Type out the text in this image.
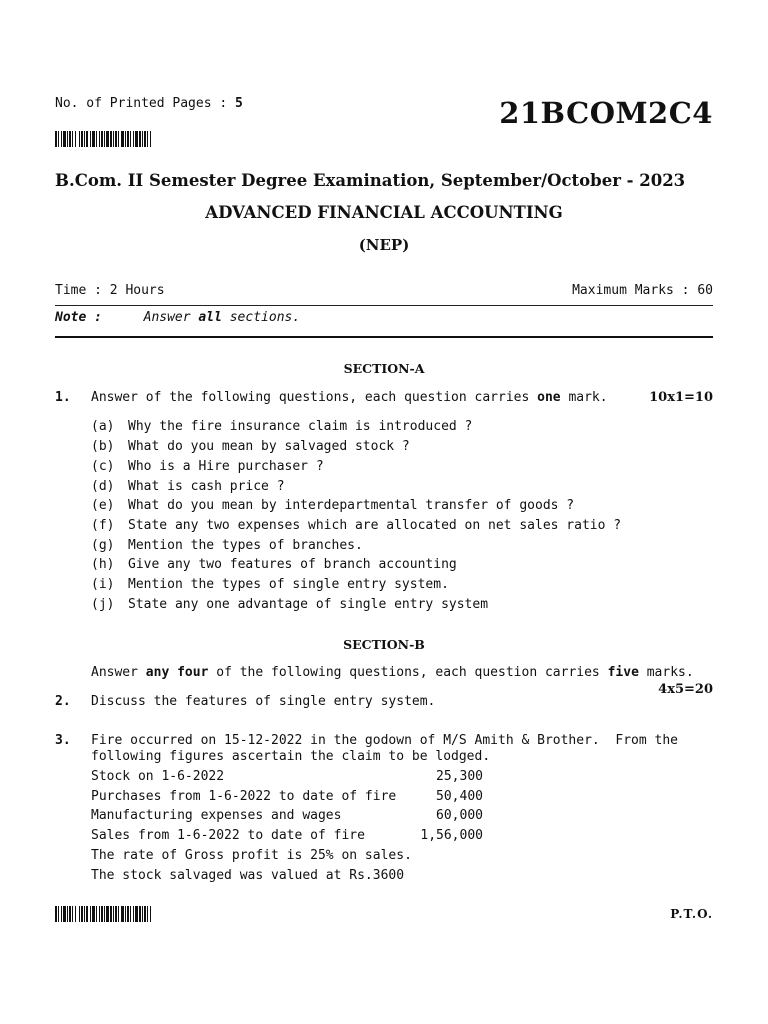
No. of Printed Pages : 5	21BCOM2C4
B.Com. II Semester Degree Examination, September/October - 2023
ADVANCED FINANCIAL ACCOUNTING
(NEP)
Time : 2 Hours	Maximum Marks : 60
Note :	Answer all sections.
SECTION-A
1. Answer of the following questions, each question carries one mark.	10x1=10
(a)	Why the fire insurance claim is introduced ?
(b)	What do you mean by salvaged stock ?
(c)	Who is a Hire purchaser ?
(d)	What is cash price ?
(e)	What do you mean by interdepartmental transfer of goods ?
(f)	State any two expenses which are allocated on net sales ratio ?
(g)	Mention the types of branches.
(h)	Give any two features of branch accounting
(i)	Mention the types of single entry system.
(j)	State any one advantage of single entry system
SECTION-B
Answer any four of the following questions, each question carries five marks.
4x5=20
2. Discuss the features of single entry system.
3. Fire occurred on 15-12-2022 in the godown of M/S Amith & Brother.  From the
following figures ascertain the claim to be lodged.
Stock on 1-6-2022	25,300
Purchases from 1-6-2022 to date of fire	50,400
Manufacturing expenses and wages	60,000
Sales from 1-6-2022 to date of fire	1,56,000
The rate of Gross profit is 25% on sales.
The stock salvaged was valued at Rs.3600
P.T.O.
